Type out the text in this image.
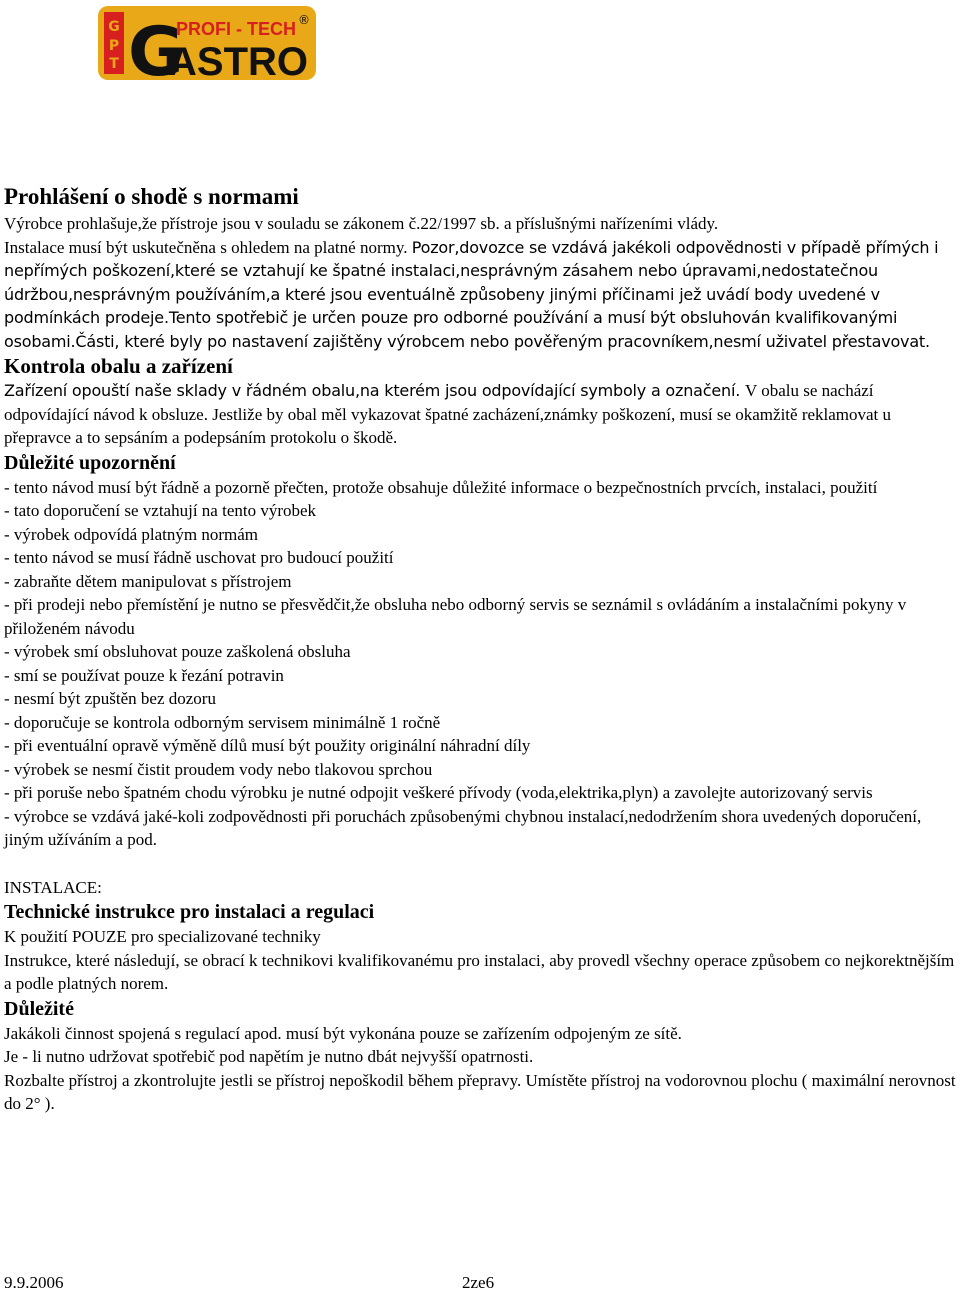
G
P
T G
PROFI - TECH
ASTRO
®

Prohlášení o shodě s normami

Výrobce prohlašuje,že přístroje jsou v souladu se zákonem č.22/1997 sb. a příslušnými nařízeními vlády.

Instalace musí být uskutečněna s ohledem na platné normy. Pozor,dovozce se vzdává jakékoli odpovědnosti v případě přímých i nepřímých poškození,které se vztahují ke špatné instalaci,nesprávným zásahem nebo úpravami,nedostatečnou údržbou,nesprávným používáním,a které jsou eventuálně způsobeny jinými příčinami jež uvádí body uvedené v podmínkách prodeje.Tento spotřebič je určen pouze pro odborné používání a musí být obsluhován kvalifikovanými osobami.Části, které byly po nastavení zajištěny výrobcem nebo pověřeným pracovníkem,nesmí uživatel přestavovat.

Kontrola obalu a zařízení

Zařízení opouští naše sklady v řádném obalu,na kterém jsou odpovídající symboly a označení. V obalu se nachází odpovídající návod k obsluze. Jestliže by obal měl vykazovat špatné zacházení,známky poškození, musí se okamžitě reklamovat u přepravce a to sepsáním a podepsáním protokolu o škodě.

Důležité upozornění

- tento návod musí být řádně a pozorně přečten, protože obsahuje důležité informace o bezpečnostních prvcích, instalaci, použití

- tato doporučení se vztahují na tento výrobek

- výrobek odpovídá platným normám

- tento návod se musí řádně uschovat pro budoucí použití

- zabraňte dětem manipulovat s přístrojem

- při prodeji nebo přemístění je nutno se přesvědčit,že obsluha nebo odborný servis se seznámil s ovládáním a instalačními pokyny v přiloženém návodu

- výrobek smí obsluhovat pouze zaškolená obsluha

- smí se používat pouze k řezání potravin

- nesmí být zpuštěn bez dozoru

- doporučuje se kontrola odborným servisem minimálně 1 ročně

- při eventuální opravě výměně dílů musí být použity originální náhradní díly

- výrobek se nesmí čistit proudem vody nebo tlakovou sprchou

- při poruše nebo špatném chodu výrobku je nutné odpojit veškeré přívody (voda,elektrika,plyn) a zavolejte autorizovaný servis

- výrobce se vzdává jaké-koli zodpovědnosti při poruchách způsobenými chybnou instalací,nedodržením shora uvedených doporučení, jiným užíváním a pod.

INSTALACE:

Technické instrukce pro instalaci a regulaci

K použití POUZE pro specializované techniky

Instrukce, které následují, se obrací k technikovi kvalifikovanému pro instalaci, aby provedl všechny operace způsobem co nejkorektnějším a podle platných norem.

Důležité

Jakákoli činnost spojená s regulací apod. musí být vykonána pouze se zařízením odpojeným ze sítě.

Je - li nutno udržovat spotřebič pod napětím je nutno dbát nejvyšší opatrnosti.

Rozbalte přístroj a zkontrolujte jestli se přístroj nepoškodil během přepravy. Umístěte přístroj na vodorovnou plochu ( maximální nerovnost do 2° ).

9.9.2006	2ze6
